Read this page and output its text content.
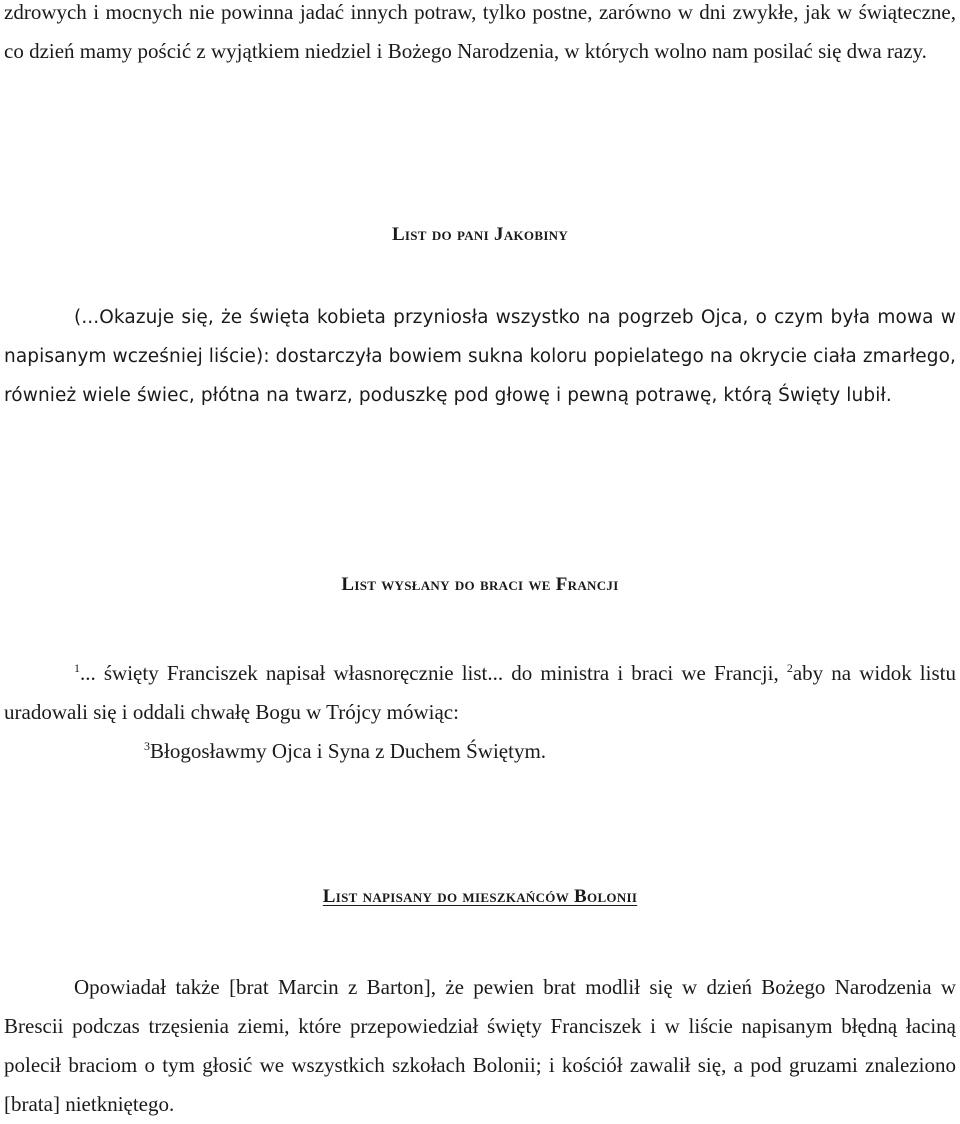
zdrowych i mocnych nie powinna jadać innych potraw, tylko postne, zarówno w dni zwykłe, jak w świąteczne, co dzień mamy pościć z wyjątkiem niedziel i Bożego Narodzenia, w których wolno nam posilać się dwa razy.

List do pani Jakobiny

(...Okazuje się, że święta kobieta przyniosła wszystko na pogrzeb Ojca, o czym była mowa w napisanym wcześniej liście): dostarczyła bowiem sukna koloru popielatego na okrycie ciała zmarłego, również wiele świec, płótna na twarz, poduszkę pod głowę i pewną potrawę, którą Święty lubił.

List wysłany do braci we Francji

$^1$... święty Franciszek napisał własnoręcznie list... do ministra i braci we Francji, $^2$aby na widok listu uradowali się i oddali chwałę Bogu w Trójcy mówiąc:
$^3$Błogosławmy Ojca i Syna z Duchem Świętym.

List napisany do mieszkańców Bolonii

Opowiadał także [brat Marcin z Barton], że pewien brat modlił się w dzień Bożego Narodzenia w Brescii podczas trzęsienia ziemi, które przepowiedział święty Franciszek i w liście napisanym błędną łaciną polecił braciom o tym głosić we wszystkich szkołach Bolonii; i kościół zawalił się, a pod gruzami znaleziono [brata] nietkniętego.
